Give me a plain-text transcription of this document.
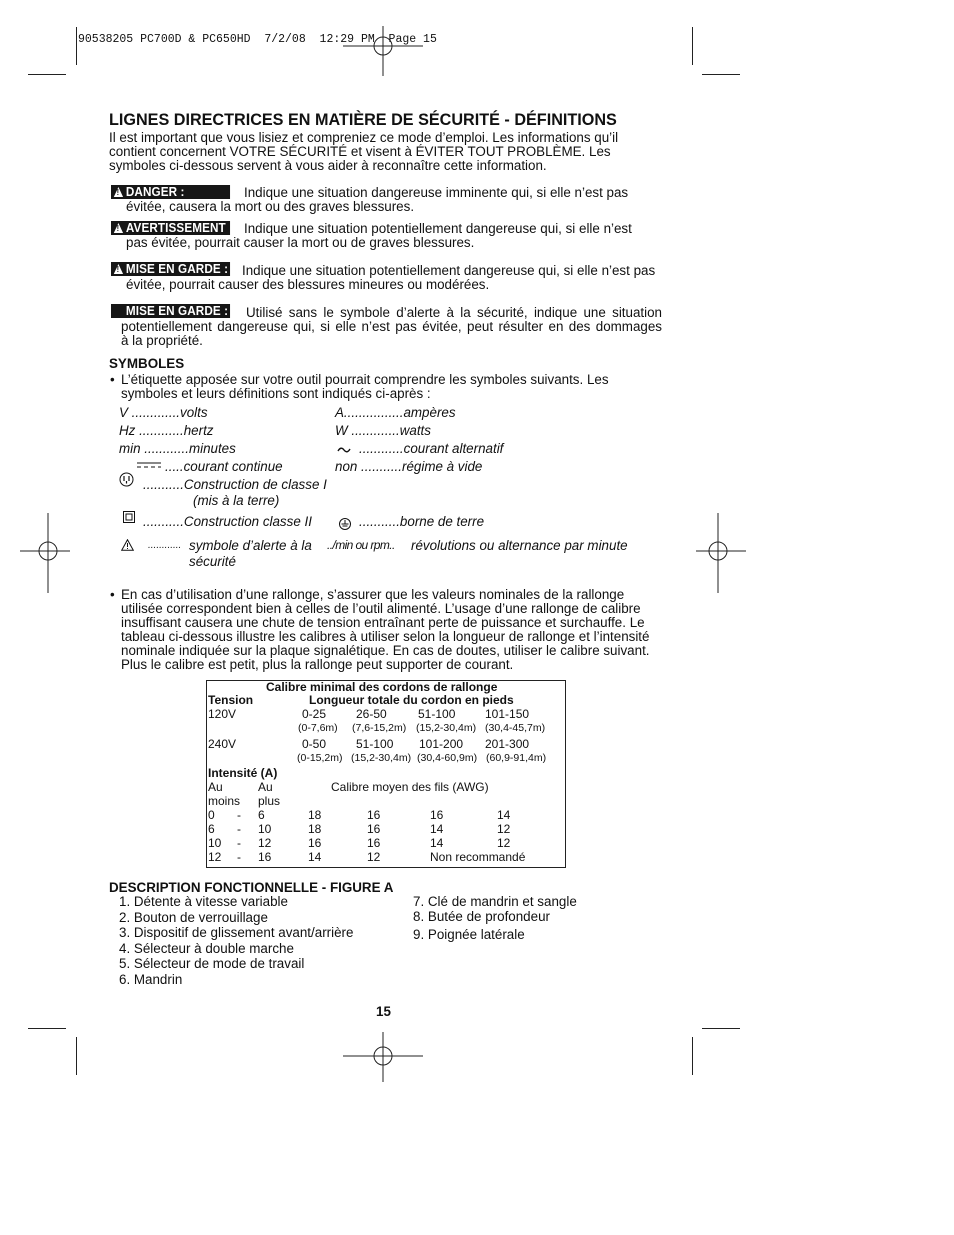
90538205 PC700D & PC650HD  7/2/08  12:29 PM  Page 15
LIGNES DIRECTRICES EN MATIÈRE DE SÉCURITÉ - DÉFINITIONS
Il est important que vous lisiez et compreniez ce mode d’emploi. Les informations qu’il
contient concernent VOTRE SÉCURITÉ et visent à ÉVITER TOUT PROBLÈME. Les
symboles ci-dessous servent à vous aider à reconnaître cette information.
!DANGER :	Indique une situation dangereuse imminente qui, si elle n’est pas
évitée, causera la mort ou des graves blessures.
!AVERTISSEMENT :
Indique une situation potentiellement dangereuse qui, si elle n’est
pas évitée, pourrait causer la mort ou de graves blessures.
!MISE EN GARDE : Indique une situation potentiellement dangereuse qui, si elle n’est pas
évitée, pourrait causer des blessures mineures ou modérées.
MISE EN GARDE : Utilisé sans le symbole d’alerte à la sécurité, indique une situation
potentiellement dangereuse qui, si elle n’est pas évitée, peut résulter en des dommages
à la propriété.
SYMBOLES
• L’étiquette apposée sur votre outil pourrait comprendre les symboles suivants. Les
symboles et leurs définitions sont indiqués ci-après :
V .............volts	A................ampères
Hz ............hertz	W .............watts
min ............minutes	............courant alternatif
.....courant continue	non ...........régime à vide
...........Construction de classe I
(mis à la terre)
...........Construction classe II	...........borne de terre
............ symbole d’alerte à la ../min ou rpm.. révolutions ou alternance par minute
sécurité
• En cas d’utilisation d’une rallonge, s’assurer que les valeurs nominales de la rallonge
utilisée correspondent bien à celles de l’outil alimenté. L’usage d’une rallonge de calibre
insuffisant causera une chute de tension entraînant perte de puissance et surchauffe. Le
tableau ci-dessous illustre les calibres à utiliser selon la longueur de rallonge et l’intensité
nominale indiquée sur la plaque signalétique. En cas de doutes, utiliser le calibre suivant.
Plus le calibre est petit, plus la rallonge peut supporter de courant.
Calibre minimal des cordons de rallonge
Tension	Longueur totale du cordon en pieds
120V	0-25 26-50	51-100 101-150
(0-7,6m) (7,6-15,2m) (15,2-30,4m) (30,4-45,7m)
240V	0-50 51-100 101-200 201-300
(0-15,2m) (15,2-30,4m) (30,4-60,9m) (60,9-91,4m)
Intensité (A)
Au	Au	Calibre moyen des fils (AWG)
moins plus
0 - 6	18	16	16	14
6 - 10	18	16	14	12
10 - 12	16	16	14	12
12 - 16	14	12	Non recommandé
DESCRIPTION FONCTIONNELLE - FIGURE A
1. Détente à vitesse variable
2. Bouton de verrouillage
3. Dispositif de glissement avant/arrière
4. Sélecteur à double marche
5. Sélecteur de mode de travail
6. Mandrin
7. Clé de mandrin et sangle
8. Butée de profondeur
9. Poignée latérale
15
